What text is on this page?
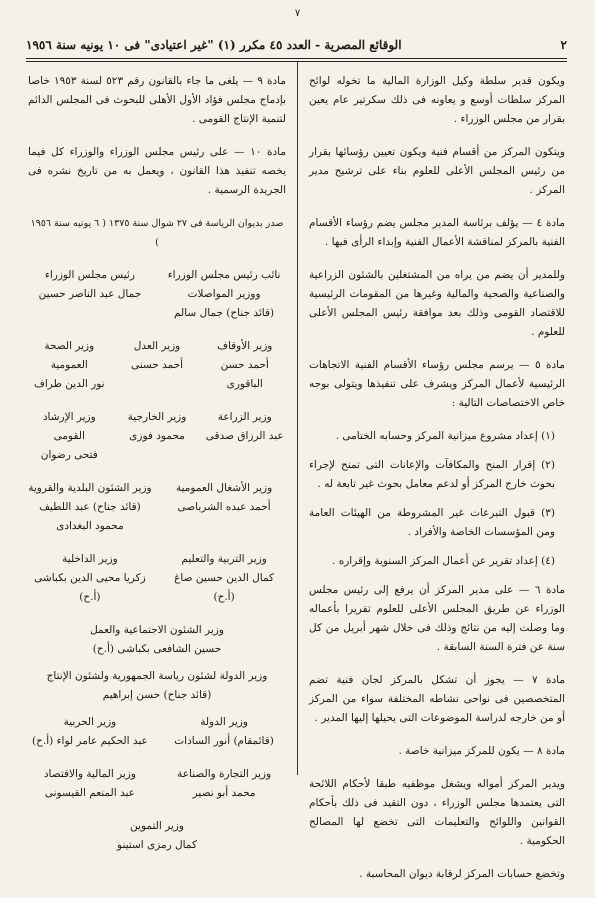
٧
٢
الوقائع المصرية - العدد ٤٥ مكرر (١) "غير اعتيادى" فى ١٠ يونيه سنة ١٩٥٦

ويكون قدير سلطة وكيل الوزارة المالية ما تخوله لوائح المركز سلطات أوسع و يعاونه فى ذلك سكرتير عام يعين بقرار من مجلس الوزراء .

ويتكون المركز من أقسام فنية ويكون تعيين رؤسائها بقرار من رئيس المجلس الأعلى للعلوم بناء على ترشيح مدير المركز .

مادة ٤ — يؤلف برئاسة المدير مجلس يضم رؤساء الأقسام الفنية بالمركز لمناقشة الأعمال الفنية وإبداء الرأى فيها .

وللمدير أن يضم من يراه من المشتغلين بالشئون الزراعية والصناعية والصحية والمالية وغيرها من المقومات الرئيسية للاقتصاد القومى وذلك بعد موافقة رئيس المجلس الأعلى للعلوم .

مادة ٥ — يرسم مجلس رؤساء الأقسام الفنية الاتجاهات الرئيسية لأعمال المركز ويشرف على تنفيذها ويتولى بوجه خاص الاختصاصات التالية :

(١) إعداد مشروع ميزانية المركز وحسابه الختامى .

(٢) إقرار المنح والمكافآت والإعانات التى تمنح لإجراء بحوث خارج المركز أو لدعم معامل بحوث غير تابعة له .

(٣) قبول التبرعات غير المشروطة من الهيئات العامة ومن المؤسسات الخاصة والأفراد .

(٤) إعداد تقرير عن أعمال المركز السنوية وإقراره .

مادة ٦ — على مدير المركز أن يرفع إلى رئيس مجلس الوزراء عن طريق المجلس الأعلى للعلوم تقريرا بأعماله وما وصلت إليه من نتائج وذلك فى خلال شهر أبريل من كل سنة عن فترة السنة السابقة .

مادة ٧ — يجوز أن تشكل بالمركز لجان فنية تضم المتخصصين فى نواحى نشاطه المختلفة سواء من المركز أو من خارجه لدراسة الموضوعات التى يحيلها إليها المدير .

مادة ٨ — يكون للمركز ميزانية خاصة .

ويدير المركز أمواله ويشغل موظفيه طبقا لأحكام اللائحة التى يعتمدها مجلس الوزراء ، دون التقيد فى ذلك بأحكام القوانين واللوائح والتعليمات التى تخضع لها المصالح الحكومية .

وتخضع حسابات المركز لرقابة ديوان المحاسبة .

مادة ٩ — يلغى ما جاء بالقانون رقم ٥٢٣ لسنة ١٩٥٣ خاصا بإدماج مجلس فؤاد الأول الأهلى للبحوث فى المجلس الدائم لتنمية الإنتاج القومى .

مادة ١٠ — على رئيس مجلس الوزراء والوزراء كل فيما يخصه تنفيذ هذا القانون ، ويعمل به من تاريخ نشره فى الجريدة الرسمية .

صدر بديوان الرياسة فى ٢٧ شوال سنة ١٣٧٥ ( ٦ يونيه سنة ١٩٥٦ )
نائب رئيس مجلس الوزراء ووزير المواصلات
(قائد جناح) جمال سالم
رئيس مجلس الوزراء
جمال عبد الناصر حسين
وزير الأوقاف
أحمد حسن الباقورى
وزير العدل
أحمد حسنى
وزير الصحة العمومية
نور الدين طراف
وزير الزراعة
عبد الرزاق صدقى
وزير الخارجية
محمود فوزى
وزير الإرشاد القومى
فتحى رضوان
وزير الأشغال العمومية
أحمد عبده الشرباصى
وزير الشئون البلدية والقروية
(قائد جناح) عبد اللطيف محمود البغدادى
وزير التربية والتعليم
كمال الدين حسين صاغ (أ.ح)
وزير الداخلية
زكريا محيى الدين بكباشى (أ.ح)
وزير الشئون الاجتماعية والعمل
حسين الشافعى بكباشى (أ.ح)
وزير الدولة لشئون رياسة الجمهورية ولشئون الإنتاج
(قائد جناح) حسن إبراهيم
وزير الدولة
(قائمقام) أنور السادات
وزير الحربية
عبد الحكيم عامر لواء (أ.ح)
وزير التجارة والصناعة
محمد أبو نصير
وزير المالية والاقتصاد
عبد المنعم القيسونى
وزير التموين
كمال رمزى استينو
